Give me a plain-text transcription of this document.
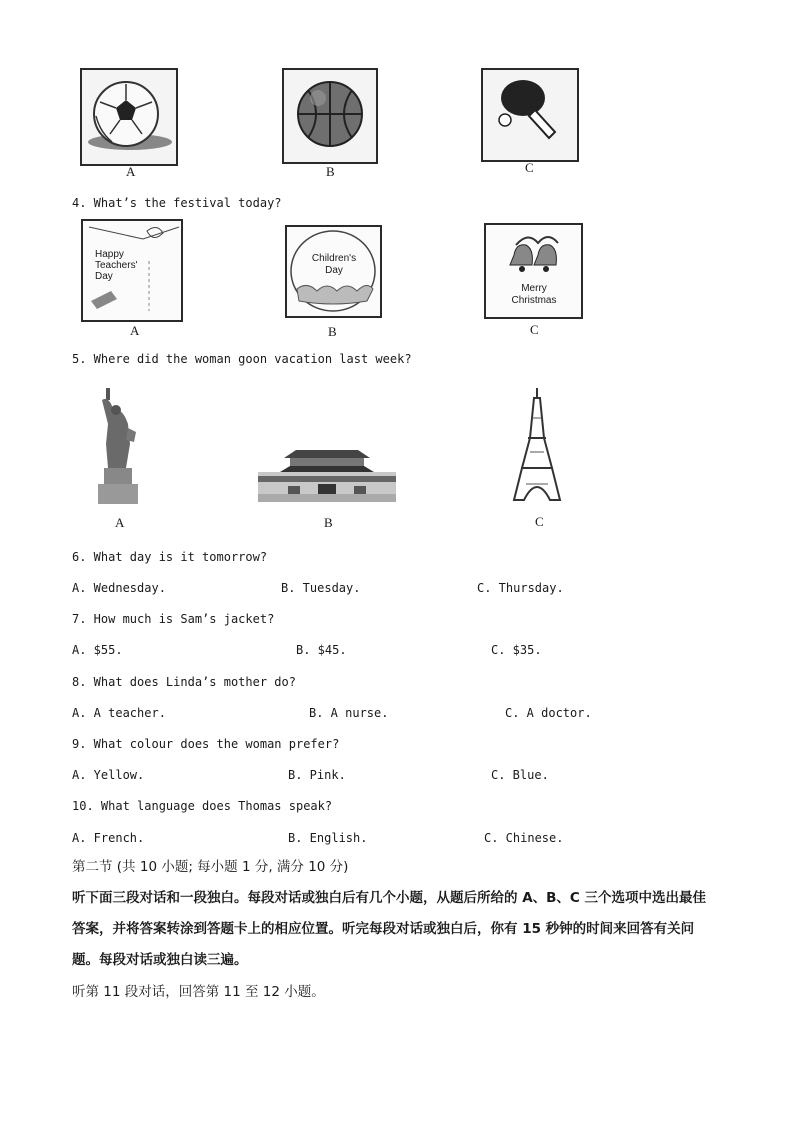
A	B	C
4. What’s the festival today?
Happy
Teachers'
Day
A
Children's
Day
B
Merry
Christmas
C
5. Where did the woman goon vacation last week?
A	B	C
6. What day is it tomorrow?
A. Wednesday.	B. Tuesday.	C. Thursday.
7. How much is Sam’s jacket?
A. $55.	B. $45.	C. $35.
8. What does Linda’s mother do?
A. A teacher.	B. A nurse.	C. A doctor.
9. What colour does the woman prefer?
A. Yellow.	B. Pink.	C. Blue.
10. What language does Thomas speak?
A. French.	B. English.	C. Chinese.
第二节 (共 10 小题; 每小题 1 分, 满分 10 分)
听下面三段对话和一段独白。每段对话或独白后有几个小题，从题后所给的 A、B、C 三个选项中选出最佳
答案，并将答案转涂到答题卡上的相应位置。听完每段对话或独白后，你有 15 秒钟的时间来回答有关问
题。每段对话或独白读三遍。
听第 11 段对话，回答第 11 至 12 小题。
